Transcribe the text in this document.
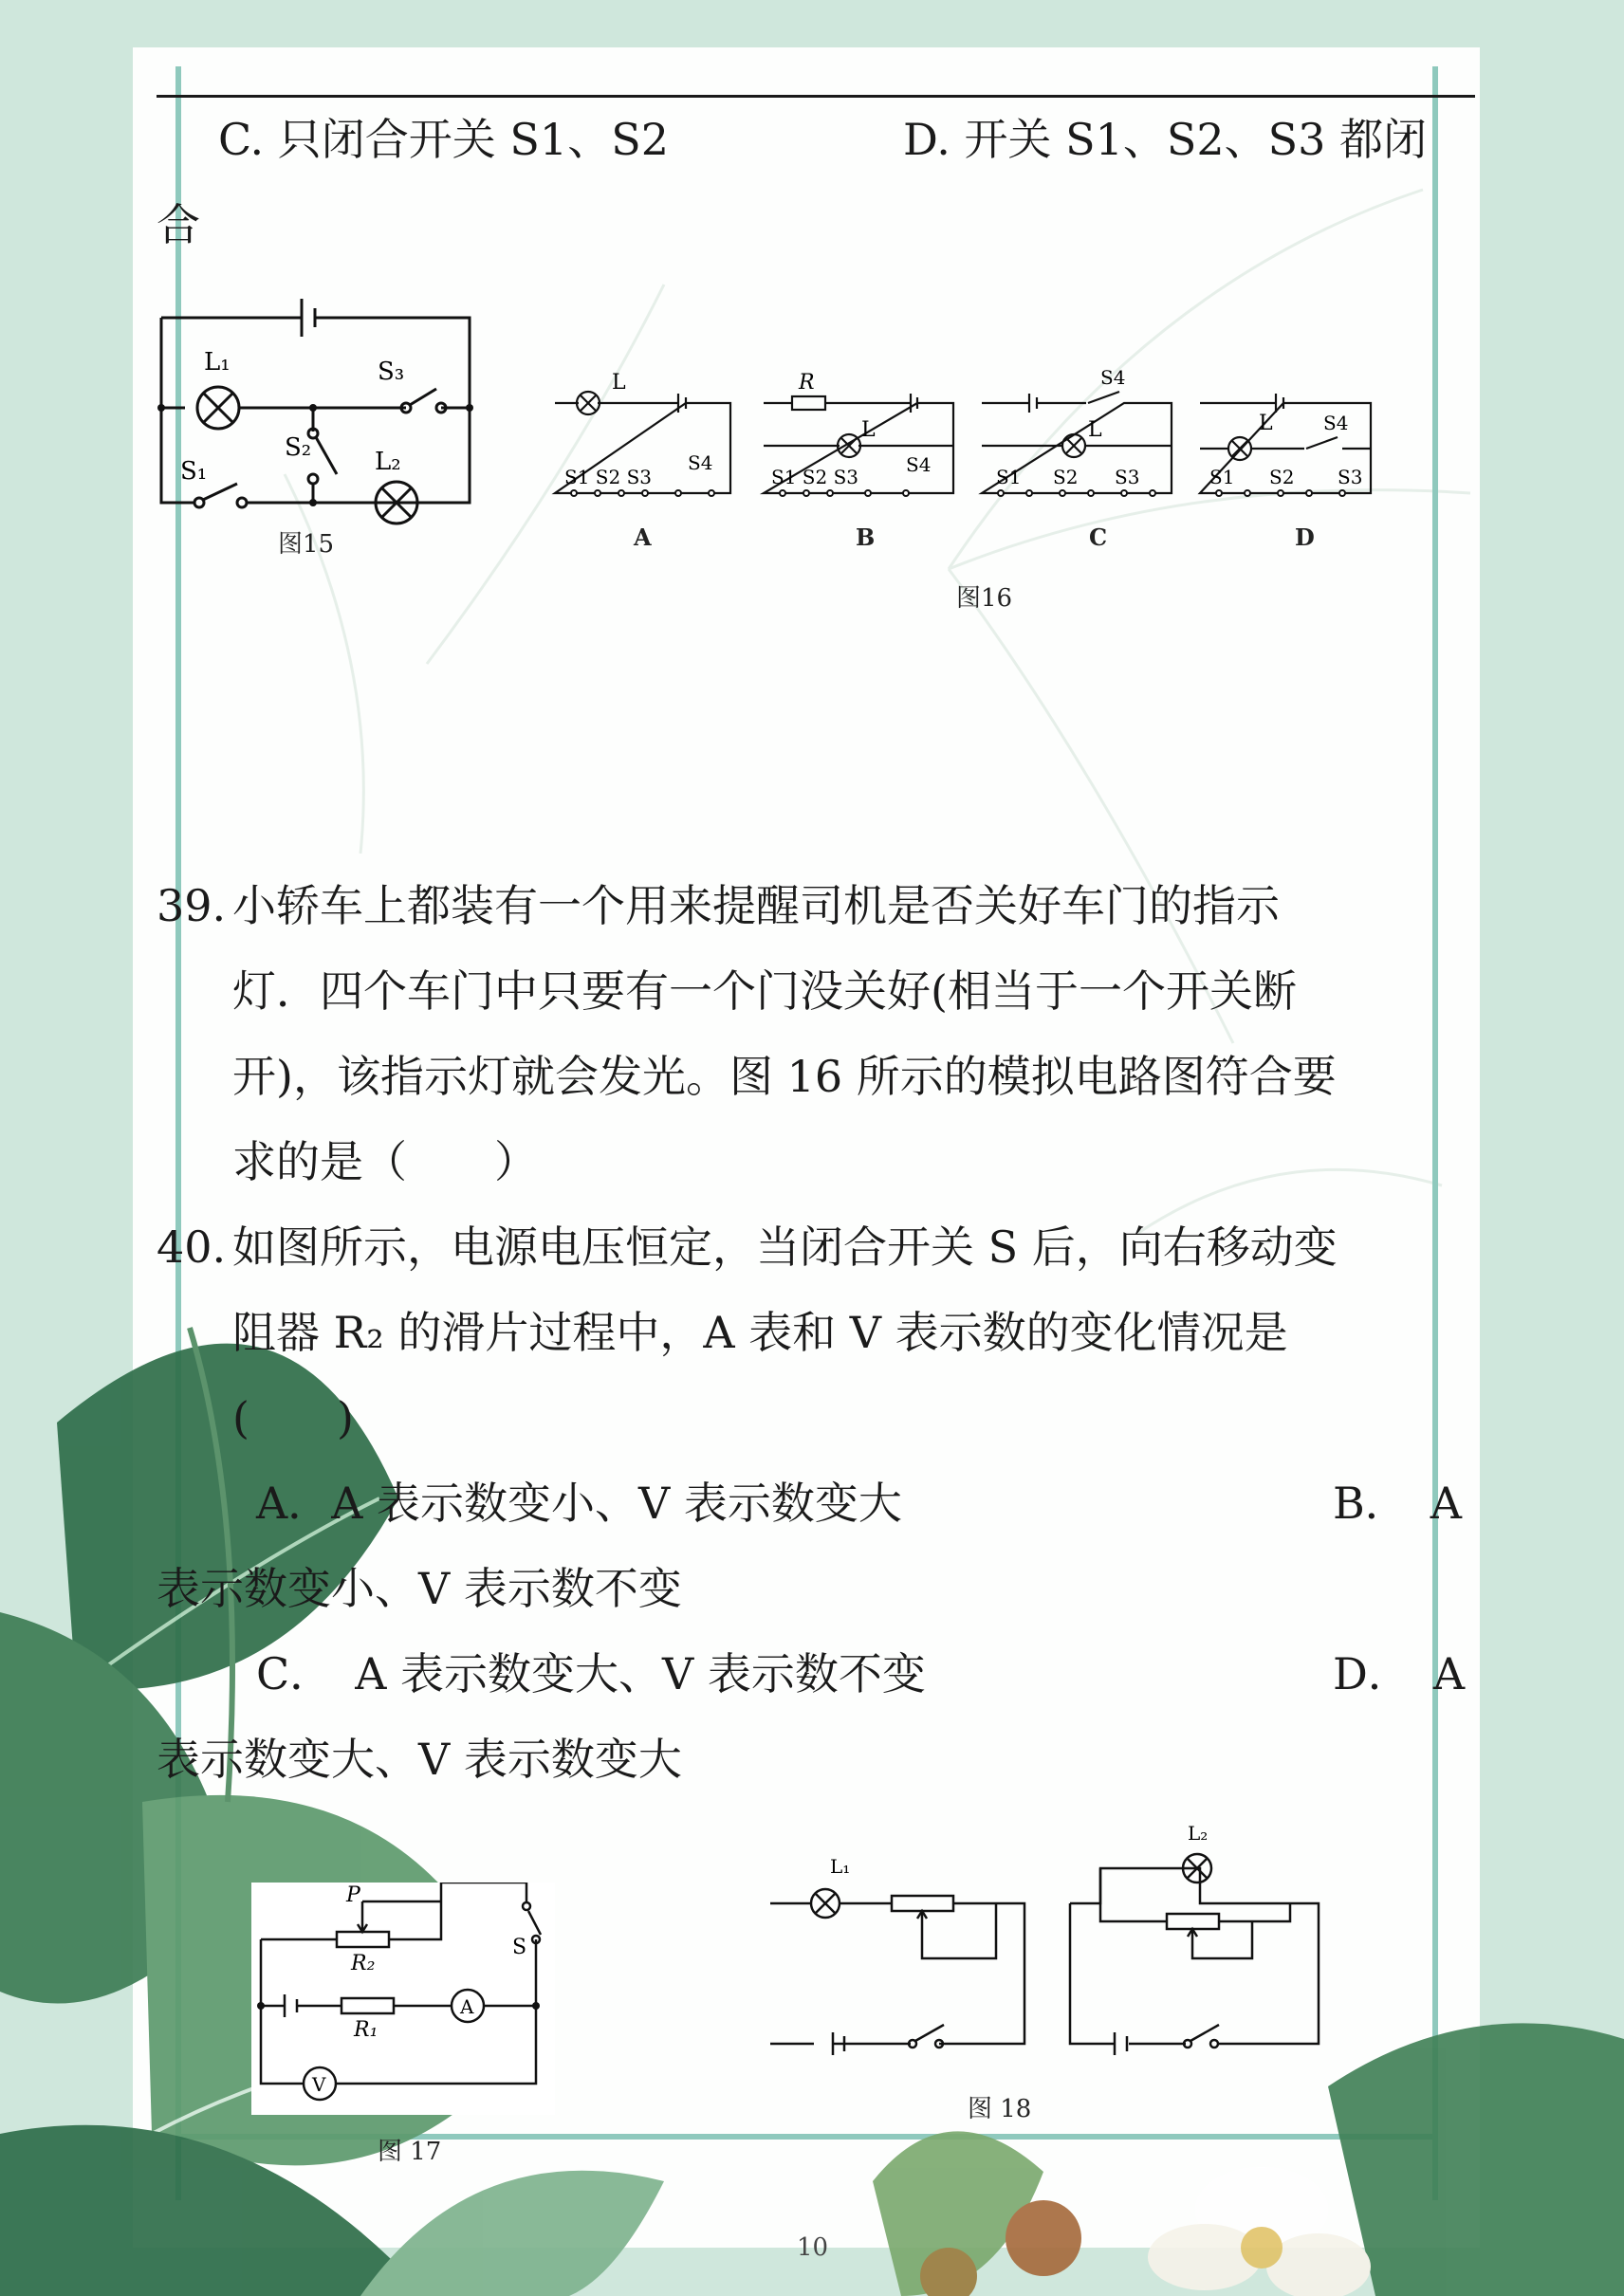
C. 只闭合开关 S1、S2	D. 开关 S1、S2、S3 都闭
合
L₁
L₂
S₁
S₂
S₃
图15
L
S1 S2 S3
S4
R
L
S1 S2 S3
S4
S4
L
S1 S2 S3
L	S4
S1 S2 S3
A	B	C	D
图16
39. 小轿车上都装有一个用来提醒司机是否关好车门的指示
灯．四个车门中只要有一个门没关好(相当于一个开关断
开)，该指示灯就会发光。图 16 所示的模拟电路图符合要
求的是（　　）
40. 如图所示，电源电压恒定，当闭合开关 S 后，向右移动变
阻器 R₂ 的滑片过程中，A 表和 V 表示数的变化情况是
(　　)
A．A 表示数变小、V 表示数变大	B．　A
表示数变小、V 表示数不变
C．　A 表示数变大、V 表示数不变	D．　A
表示数变大、V 表示数变大
P
R₂
S
A
R₁
V
图 17
L₁
L₂
图 18
10
